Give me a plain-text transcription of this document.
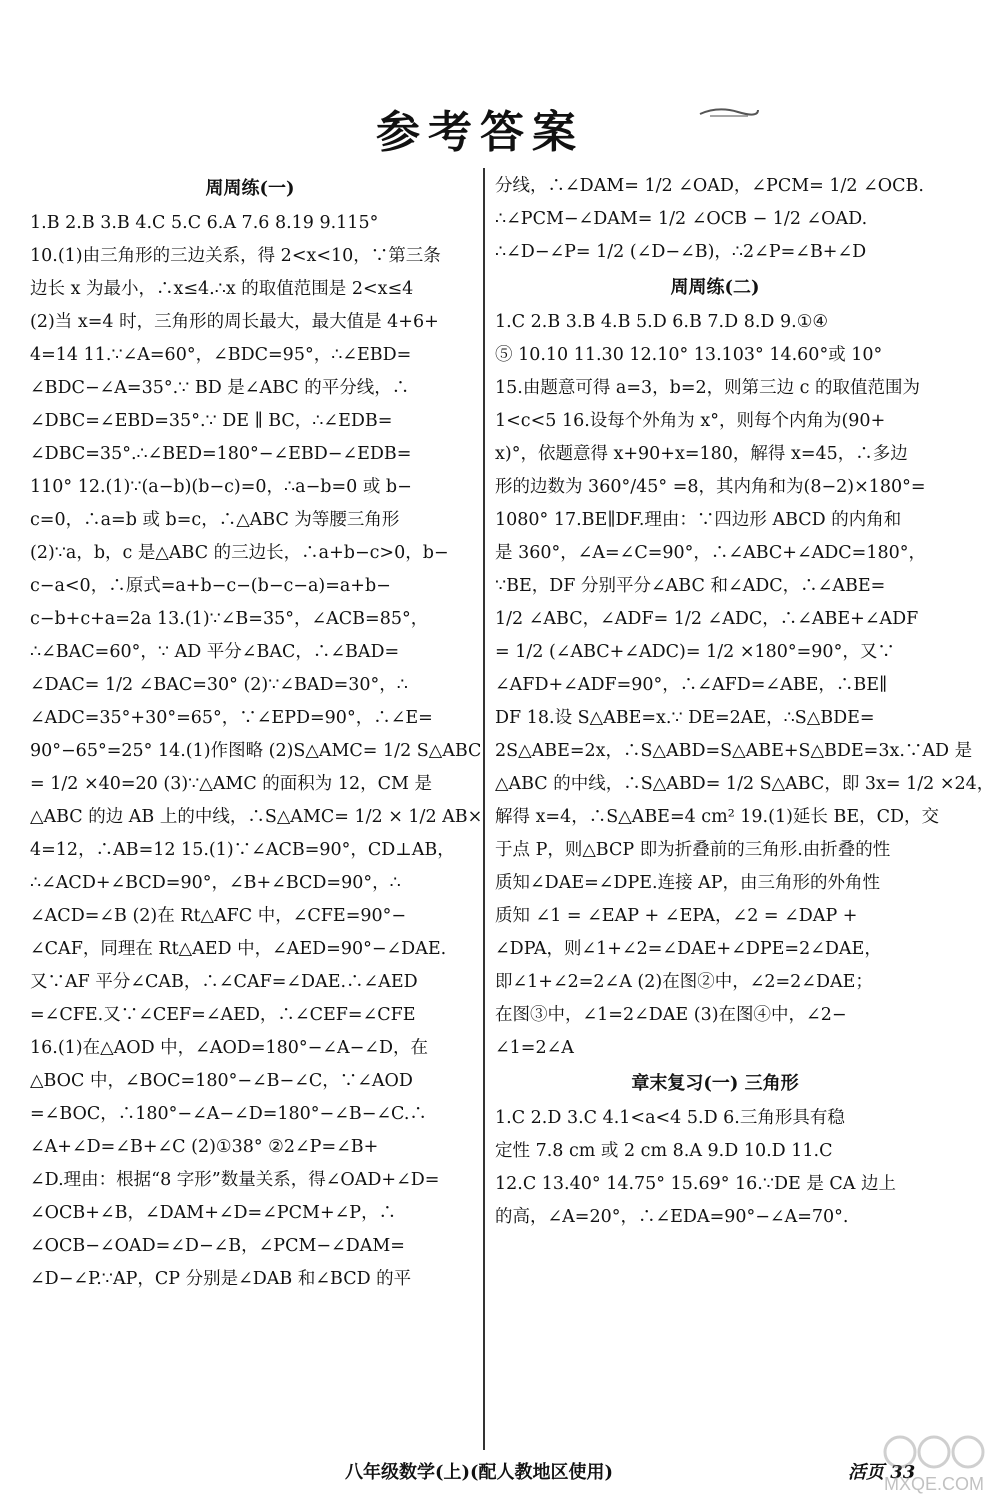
参考答案
周周练(一)
1.B 2.B 3.B 4.C 5.C 6.A 7.6 8.19 9.115°
10.(1)由三角形的三边关系，得 2<x<10，∵第三条
边长 x 为最小，∴x≤4.∴x 的取值范围是 2<x≤4
(2)当 x=4 时，三角形的周长最大，最大值是 4+6+
4=14 11.∵∠A=60°，∠BDC=95°，∴∠EBD=
∠BDC−∠A=35°.∵ BD 是∠ABC 的平分线，∴
∠DBC=∠EBD=35°.∵ DE ∥ BC，∴∠EDB=
∠DBC=35°.∴∠BED=180°−∠EBD−∠EDB=
110° 12.(1)∵(a−b)(b−c)=0，∴a−b=0 或 b−
c=0，∴a=b 或 b=c，∴△ABC 为等腰三角形
(2)∵a，b，c 是△ABC 的三边长，∴a+b−c>0，b−
c−a<0，∴原式=a+b−c−(b−c−a)=a+b−
c−b+c+a=2a 13.(1)∵∠B=35°，∠ACB=85°，
∴∠BAC=60°，∵ AD 平分∠BAC，∴∠BAD=
∠DAC= 1/2 ∠BAC=30° (2)∵∠BAD=30°，∴
∠ADC=35°+30°=65°，∵∠EPD=90°，∴∠E=
90°−65°=25° 14.(1)作图略 (2)S△AMC= 1/2 S△ABC
= 1/2 ×40=20 (3)∵△AMC 的面积为 12，CM 是
△ABC 的边 AB 上的中线，∴S△AMC= 1/2 × 1/2 AB×
4=12，∴AB=12 15.(1)∵∠ACB=90°，CD⊥AB，
∴∠ACD+∠BCD=90°，∠B+∠BCD=90°，∴
∠ACD=∠B (2)在 Rt△AFC 中，∠CFE=90°−
∠CAF，同理在 Rt△AED 中，∠AED=90°−∠DAE.
又∵AF 平分∠CAB，∴∠CAF=∠DAE.∴∠AED
=∠CFE.又∵∠CEF=∠AED，∴∠CEF=∠CFE
16.(1)在△AOD 中，∠AOD=180°−∠A−∠D，在
△BOC 中，∠BOC=180°−∠B−∠C，∵∠AOD
=∠BOC，∴180°−∠A−∠D=180°−∠B−∠C.∴
∠A+∠D=∠B+∠C (2)①38° ②2∠P=∠B+
∠D.理由：根据“8 字形”数量关系，得∠OAD+∠D=
∠OCB+∠B，∠DAM+∠D=∠PCM+∠P，∴
∠OCB−∠OAD=∠D−∠B，∠PCM−∠DAM=
∠D−∠P.∵AP，CP 分别是∠DAB 和∠BCD 的平
分线，∴∠DAM= 1/2 ∠OAD，∠PCM= 1/2 ∠OCB.
∴∠PCM−∠DAM= 1/2 ∠OCB − 1/2 ∠OAD.
∴∠D−∠P= 1/2 (∠D−∠B)，∴2∠P=∠B+∠D
周周练(二)
1.C 2.B 3.B 4.B 5.D 6.B 7.D 8.D 9.①④
⑤ 10.10 11.30 12.10° 13.103° 14.60°或 10°
15.由题意可得 a=3，b=2，则第三边 c 的取值范围为
1<c<5 16.设每个外角为 x°，则每个内角为(90+
x)°，依题意得 x+90+x=180，解得 x=45，∴多边
形的边数为 360°/45° =8，其内角和为(8−2)×180°=
1080° 17.BE∥DF.理由：∵四边形 ABCD 的内角和
是 360°，∠A=∠C=90°，∴∠ABC+∠ADC=180°，
∵BE，DF 分别平分∠ABC 和∠ADC，∴∠ABE=
1/2 ∠ABC，∠ADF= 1/2 ∠ADC，∴∠ABE+∠ADF
= 1/2 (∠ABC+∠ADC)= 1/2 ×180°=90°，又∵
∠AFD+∠ADF=90°，∴∠AFD=∠ABE，∴BE∥
DF 18.设 S△ABE=x.∵ DE=2AE，∴S△BDE=
2S△ABE=2x，∴S△ABD=S△ABE+S△BDE=3x.∵AD 是
△ABC 的中线，∴S△ABD= 1/2 S△ABC，即 3x= 1/2 ×24，
解得 x=4，∴S△ABE=4 cm² 19.(1)延长 BE，CD，交
于点 P，则△BCP 即为折叠前的三角形.由折叠的性
质知∠DAE=∠DPE.连接 AP，由三角形的外角性
质知 ∠1 = ∠EAP + ∠EPA，∠2 = ∠DAP +
∠DPA，则∠1+∠2=∠DAE+∠DPE=2∠DAE，
即∠1+∠2=2∠A (2)在图②中，∠2=2∠DAE；
在图③中，∠1=2∠DAE (3)在图④中，∠2−
∠1=2∠A
章末复习(一) 三角形
1.C 2.D 3.C 4.1<a<4 5.D 6.三角形具有稳
定性 7.8 cm 或 2 cm 8.A 9.D 10.D 11.C
12.C 13.40° 14.75° 15.69° 16.∵DE 是 CA 边上
的高，∠A=20°，∴∠EDA=90°−∠A=70°.
八年级数学(上)(配人教地区使用)	活页 33
MXQE.COM
